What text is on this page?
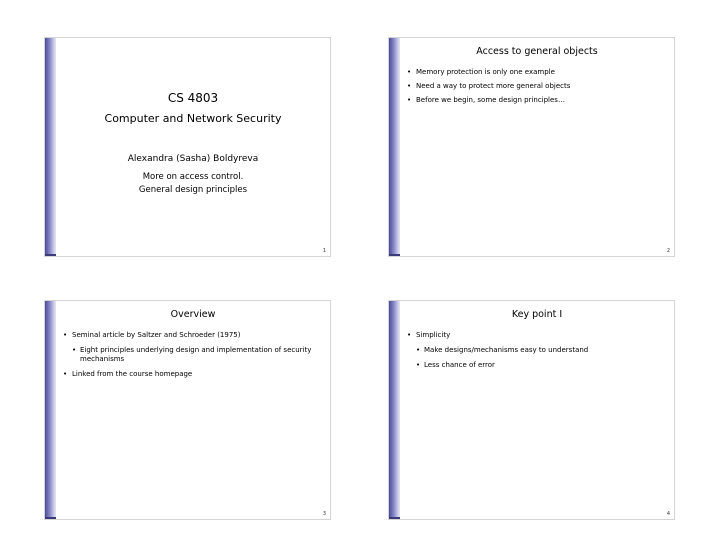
CS 4803
Computer and Network Security
Alexandra (Sasha) Boldyreva
More on access control.
General design principles
1
Access to general objects
• Memory protection is only one example
• Need a way to protect more general objects
• Before we begin, some design principles…
2
Overview
• Seminal article by Saltzer and Schroeder (1975)
• Eight principles underlying design and implementation of security mechanisms
• Linked from the course homepage
3
Key point I
• Simplicity
• Make designs/mechanisms easy to understand
• Less chance of error
4
